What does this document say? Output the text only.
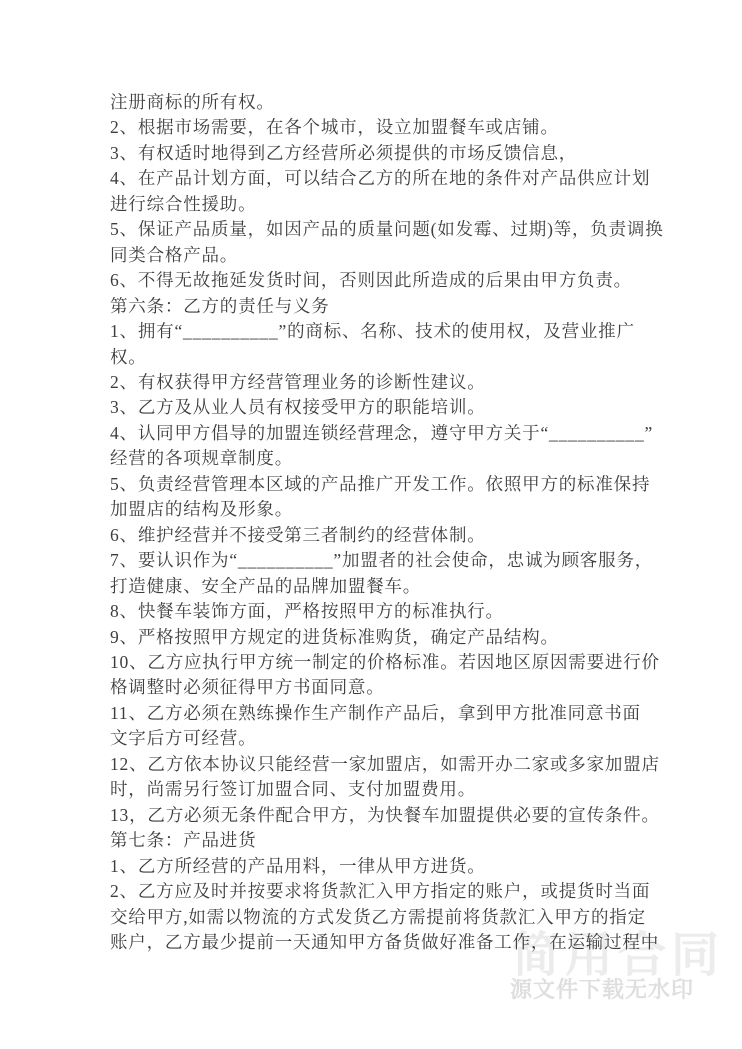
简用合同
源文件下载无水印
注册商标的所有权。
2、根据市场需要，在各个城市，设立加盟餐车或店铺。
3、有权适时地得到乙方经营所必须提供的市场反馈信息，
4、在产品计划方面，可以结合乙方的所在地的条件对产品供应计划
进行综合性援助。
5、保证产品质量，如因产品的质量问题(如发霉、过期)等，负责调换
同类合格产品。
6、不得无故拖延发货时间，否则因此所造成的后果由甲方负责。
第六条：乙方的责任与义务
1、拥有“__________”的商标、名称、技术的使用权，及营业推广
权。
2、有权获得甲方经营管理业务的诊断性建议。
3、乙方及从业人员有权接受甲方的职能培训。
4、认同甲方倡导的加盟连锁经营理念，遵守甲方关于“__________”
经营的各项规章制度。
5、负责经营管理本区域的产品推广开发工作。依照甲方的标准保持
加盟店的结构及形象。
6、维护经营并不接受第三者制约的经营体制。
7、要认识作为“__________”加盟者的社会使命，忠诚为顾客服务，
打造健康、安全产品的品牌加盟餐车。
8、快餐车装饰方面，严格按照甲方的标准执行。
9、严格按照甲方规定的进货标准购货，确定产品结构。
10、乙方应执行甲方统一制定的价格标准。若因地区原因需要进行价
格调整时必须征得甲方书面同意。
11、乙方必须在熟练操作生产制作产品后，拿到甲方批准同意书面
文字后方可经营。
12、乙方依本协议只能经营一家加盟店，如需开办二家或多家加盟店
时，尚需另行签订加盟合同、支付加盟费用。
13，乙方必须无条件配合甲方，为快餐车加盟提供必要的宣传条件。
第七条：产品进货
1、乙方所经营的产品用料，一律从甲方进货。
2、乙方应及时并按要求将货款汇入甲方指定的账户，或提货时当面
交给甲方,如需以物流的方式发货乙方需提前将货款汇入甲方的指定
账户，乙方最少提前一天通知甲方备货做好准备工作，在运输过程中
